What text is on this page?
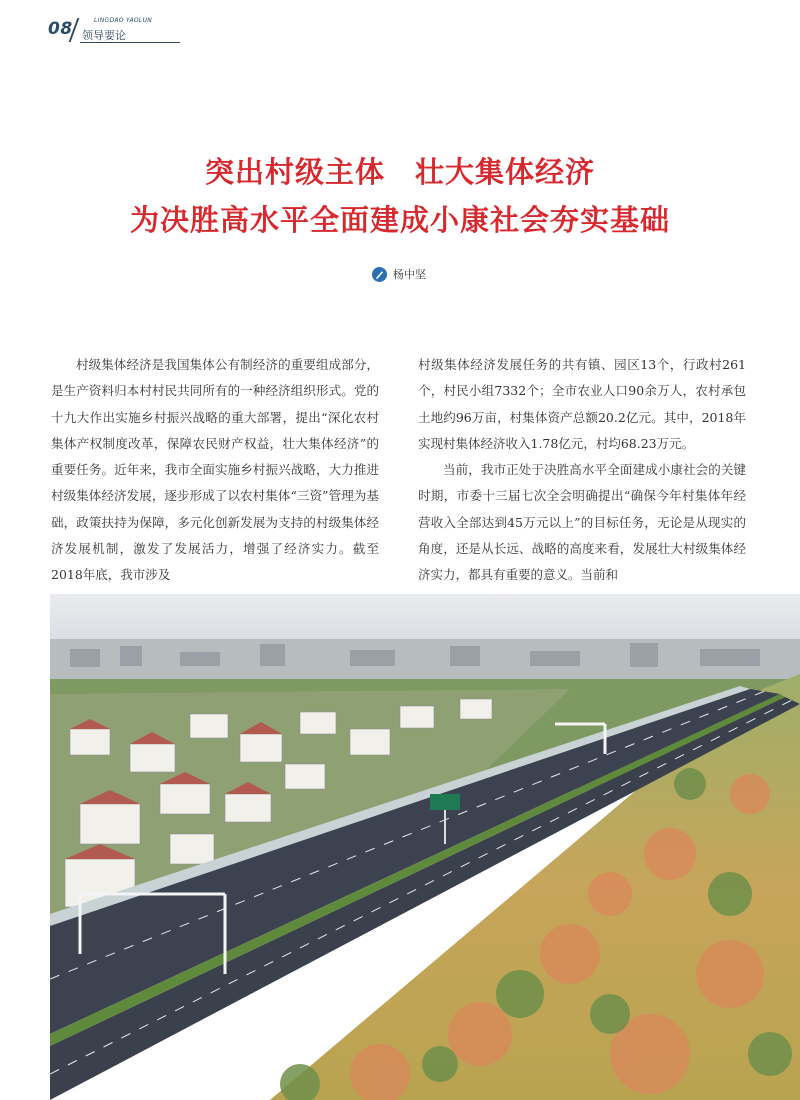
08	LINGDAO YAOLUN
领导要论
突出村级主体　壮大集体经济
为决胜高水平全面建成小康社会夯实基础
杨中坚

村级集体经济是我国集体公有制经济的重要组成部分，是生产资料归本村村民共同所有的一种经济组织形式。党的十九大作出实施乡村振兴战略的重大部署，提出“深化农村集体产权制度改革，保障农民财产权益，壮大集体经济”的重要任务。近年来，我市全面实施乡村振兴战略，大力推进村级集体经济发展，逐步形成了以农村集体“三资”管理为基础，政策扶持为保障，多元化创新发展为支持的村级集体经济发展机制，激发了发展活力，增强了经济实力。截至2018年底，我市涉及

村级集体经济发展任务的共有镇、园区13个，行政村261个，村民小组7332个；全市农业人口90余万人，农村承包土地约96万亩，村集体资产总额20.2亿元。其中，2018年实现村集体经济收入1.78亿元，村均68.23万元。

当前，我市正处于决胜高水平全面建成小康社会的关键时期，市委十三届七次全会明确提出“确保今年村集体年经营收入全部达到45万元以上”的目标任务，无论是从现实的角度，还是从长远、战略的高度来看，发展壮大村级集体经济实力，都具有重要的意义。当前和
